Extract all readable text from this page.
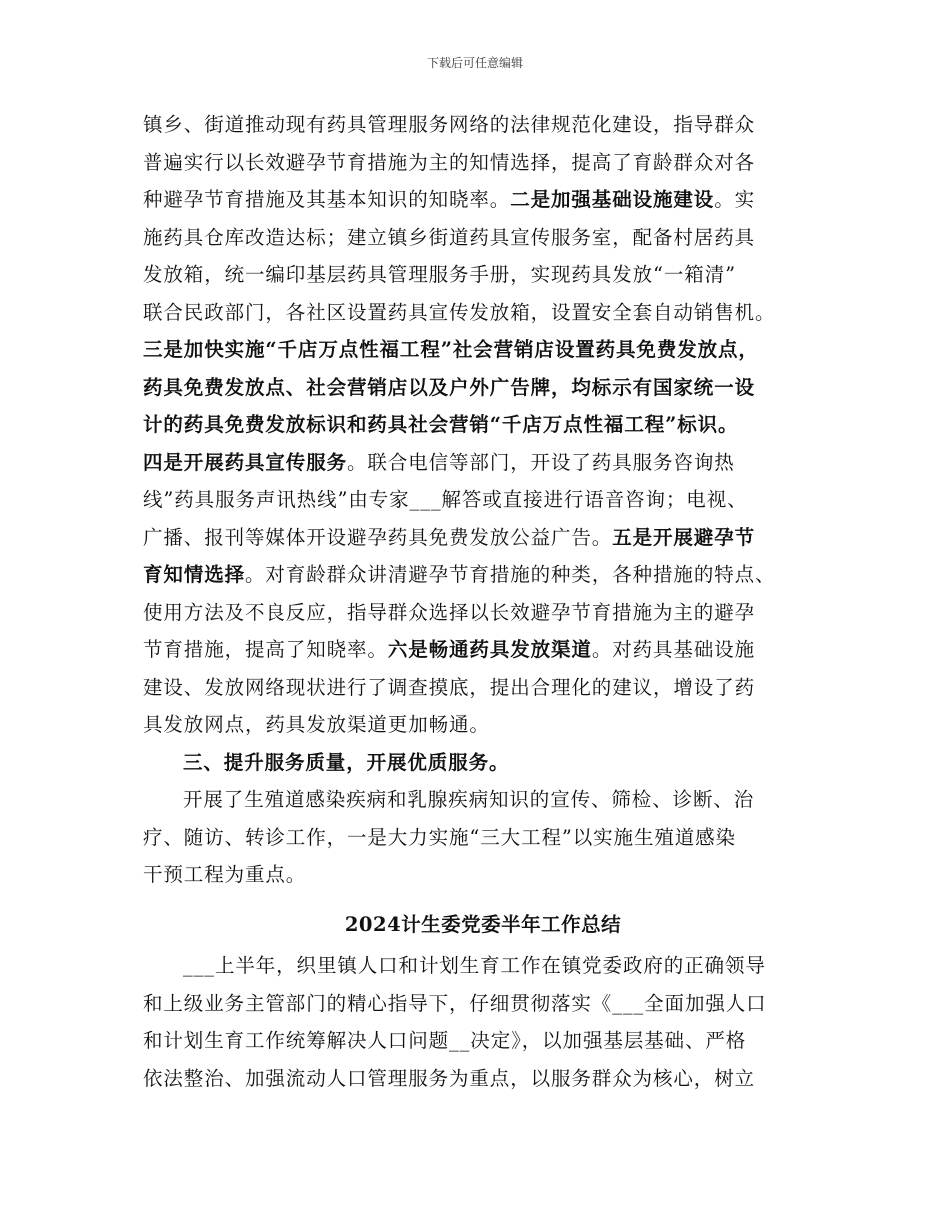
下载后可任意编辑
镇乡、街道推动现有药具管理服务网络的法律规范化建设，指导群众
普遍实行以长效避孕节育措施为主的知情选择，提高了育龄群众对各
种避孕节育措施及其基本知识的知晓率。二是加强基础设施建设。实
施药具仓库改造达标；建立镇乡街道药具宣传服务室，配备村居药具
发放箱，统一编印基层药具管理服务手册，实现药具发放“一箱清”
联合民政部门，各社区设置药具宣传发放箱，设置安全套自动销售机。
三是加快实施“千店万点性福工程”社会营销店设置药具免费发放点，
药具免费发放点、社会营销店以及户外广告牌，均标示有国家统一设
计的药具免费发放标识和药具社会营销“千店万点性福工程”标识。
四是开展药具宣传服务。联合电信等部门，开设了药具服务咨询热
线”药具服务声讯热线”由专家___解答或直接进行语音咨询；电视、
广播、报刊等媒体开设避孕药具免费发放公益广告。五是开展避孕节
育知情选择。对育龄群众讲清避孕节育措施的种类，各种措施的特点、
使用方法及不良反应，指导群众选择以长效避孕节育措施为主的避孕
节育措施，提高了知晓率。六是畅通药具发放渠道。对药具基础设施
建设、发放网络现状进行了调查摸底，提出合理化的建议，增设了药
具发放网点，药具发放渠道更加畅通。
三、提升服务质量，开展优质服务。
开展了生殖道感染疾病和乳腺疾病知识的宣传、筛检、诊断、治
疗、随访、转诊工作，一是大力实施“三大工程”以实施生殖道感染
干预工程为重点。
2024计生委党委半年工作总结
___上半年，织里镇人口和计划生育工作在镇党委政府的正确领导
和上级业务主管部门的精心指导下，仔细贯彻落实《___全面加强人口
和计划生育工作统筹解决人口问题__决定》，以加强基层基础、严格
依法整治、加强流动人口管理服务为重点，以服务群众为核心，树立
